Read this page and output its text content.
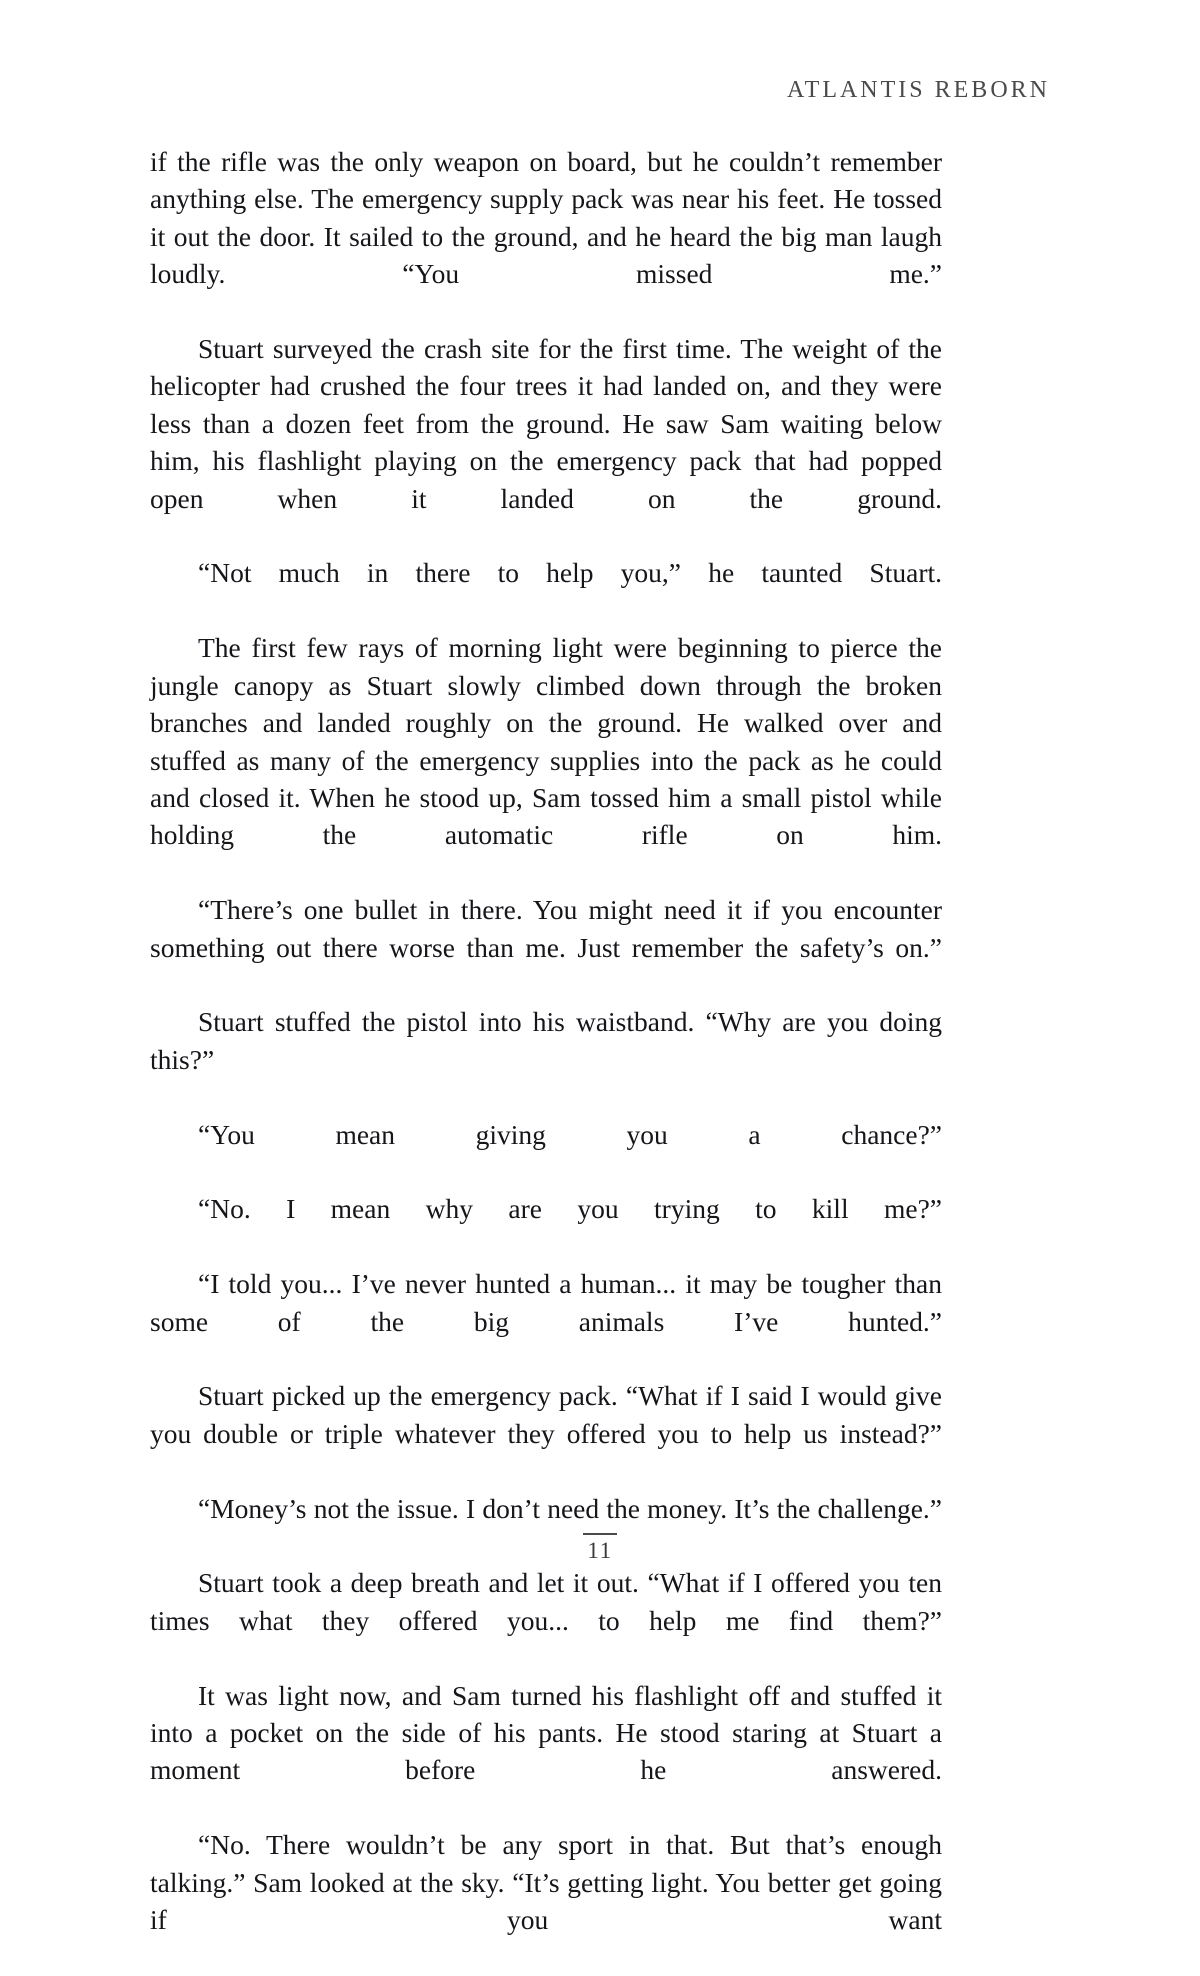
ATLANTIS REBORN

if the rifle was the only weapon on board, but he couldn’t remember anything else. The emergency supply pack was near his feet. He tossed it out the door. It sailed to the ground, and he heard the big man laugh loudly. “You missed me.”

Stuart surveyed the crash site for the first time. The weight of the helicopter had crushed the four trees it had landed on, and they were less than a dozen feet from the ground. He saw Sam waiting below him, his flashlight playing on the emergency pack that had popped open when it landed on the ground.

“Not much in there to help you,” he taunted Stuart.

The first few rays of morning light were beginning to pierce the jungle canopy as Stuart slowly climbed down through the broken branches and landed roughly on the ground. He walked over and stuffed as many of the emergency supplies into the pack as he could and closed it. When he stood up, Sam tossed him a small pistol while holding the automatic rifle on him.

“There’s one bullet in there. You might need it if you encounter something out there worse than me. Just remember the safety’s on.”

Stuart stuffed the pistol into his waistband. “Why are you doing this?”

“You mean giving you a chance?”

“No. I mean why are you trying to kill me?”

“I told you... I’ve never hunted a human... it may be tougher than some of the big animals I’ve hunted.”

Stuart picked up the emergency pack. “What if I said I would give you double or triple whatever they offered you to help us instead?”

“Money’s not the issue. I don’t need the money. It’s the challenge.”

Stuart took a deep breath and let it out. “What if I offered you ten times what they offered you... to help me find them?”

It was light now, and Sam turned his flashlight off and stuffed it into a pocket on the side of his pants. He stood staring at Stuart a moment before he answered.

“No. There wouldn’t be any sport in that. But that’s enough talking.” Sam looked at the sky. “It’s getting light. You better get going if you want

11
